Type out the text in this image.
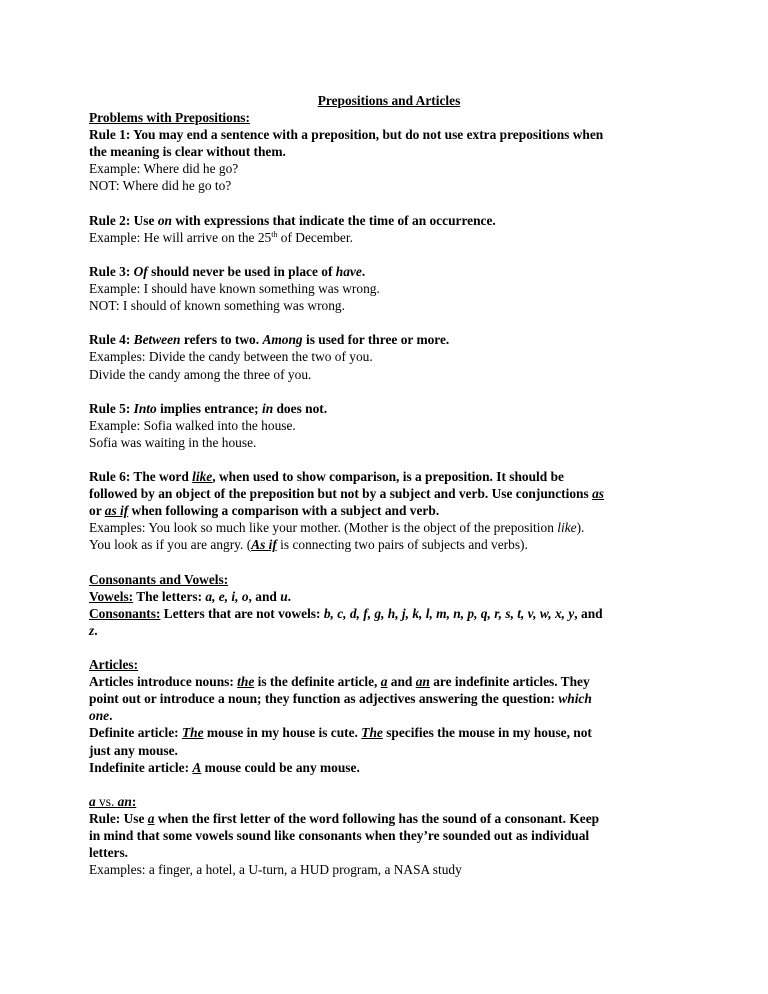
Prepositions and Articles
Problems with Prepositions:
Rule 1: You may end a sentence with a preposition, but do not use extra prepositions when
the meaning is clear without them.
Example: Where did he go?
NOT: Where did he go to?
Rule 2: Use on with expressions that indicate the time of an occurrence.
Example: He will arrive on the 25th of December.
Rule 3: Of should never be used in place of have.
Example: I should have known something was wrong.
NOT: I should of known something was wrong.
Rule 4: Between refers to two. Among is used for three or more.
Examples: Divide the candy between the two of you.
Divide the candy among the three of you.
Rule 5: Into implies entrance; in does not.
Example: Sofia walked into the house.
Sofia was waiting in the house.
Rule 6: The word like, when used to show comparison, is a preposition. It should be
followed by an object of the preposition but not by a subject and verb. Use conjunctions as
or as if when following a comparison with a subject and verb.
Examples: You look so much like your mother. (Mother is the object of the preposition like).
You look as if you are angry. (As if is connecting two pairs of subjects and verbs).
Consonants and Vowels:
Vowels: The letters: a, e, i, o, and u.
Consonants: Letters that are not vowels: b, c, d, f, g, h, j, k, l, m, n, p, q, r, s, t, v, w, x, y, and
z.
Articles:
Articles introduce nouns: the is the definite article, a and an are indefinite articles. They
point out or introduce a noun; they function as adjectives answering the question: which
one.
Definite article: The mouse in my house is cute. The specifies the mouse in my house, not
just any mouse.
Indefinite article: A mouse could be any mouse.
a vs. an:
Rule: Use a when the first letter of the word following has the sound of a consonant. Keep
in mind that some vowels sound like consonants when they’re sounded out as individual
letters.
Examples: a finger, a hotel, a U-turn, a HUD program, a NASA study
